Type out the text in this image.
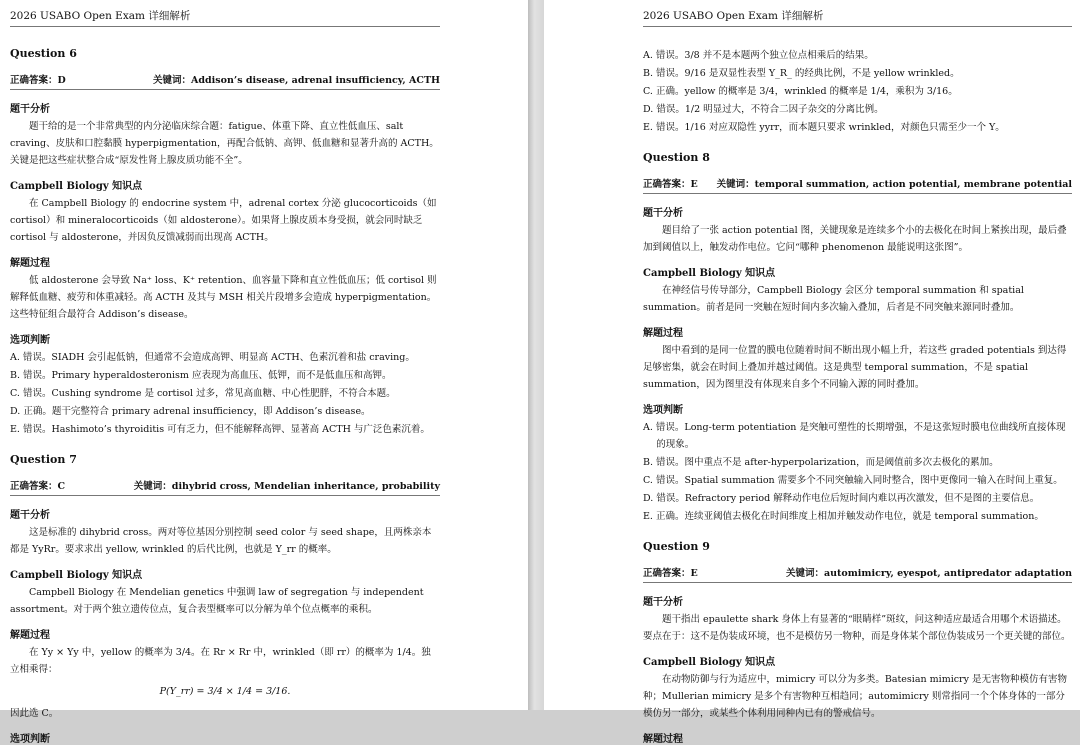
2026 USABO Open Exam 详细解析
Question 6
正确答案：D	关键词：Addison’s disease, adrenal insufficiency, ACTH
题干分析

题干给的是一个非常典型的内分泌临床综合题：fatigue、体重下降、直立性低血压、salt craving、皮肤和口腔黏膜 hyperpigmentation，再配合低钠、高钾、低血糖和显著升高的 ACTH。关键是把这些症状整合成“原发性肾上腺皮质功能不全”。

Campbell Biology 知识点

在 Campbell Biology 的 endocrine system 中，adrenal cortex 分泌 glucocorticoids（如 cortisol）和 mineralocorticoids（如 aldosterone）。如果肾上腺皮质本身受损，就会同时缺乏 cortisol 与 aldosterone，并因负反馈减弱而出现高 ACTH。

解题过程

低 aldosterone 会导致 Na⁺ loss、K⁺ retention、血容量下降和直立性低血压；低 cortisol 则解释低血糖、疲劳和体重减轻。高 ACTH 及其与 MSH 相关片段增多会造成 hyperpigmentation。这些特征组合最符合 Addison’s disease。

选项判断
A. 错误。SIADH 会引起低钠，但通常不会造成高钾、明显高 ACTH、色素沉着和盐 craving。
B. 错误。Primary hyperaldosteronism 应表现为高血压、低钾，而不是低血压和高钾。
C. 错误。Cushing syndrome 是 cortisol 过多，常见高血糖、中心性肥胖，不符合本题。
D. 正确。题干完整符合 primary adrenal insufficiency，即 Addison’s disease。
E. 错误。Hashimoto’s thyroiditis 可有乏力，但不能解释高钾、显著高 ACTH 与广泛色素沉着。
Question 7
正确答案：C	关键词：dihybrid cross, Mendelian inheritance, probability
题干分析

这是标准的 dihybrid cross。两对等位基因分别控制 seed color 与 seed shape，且两株亲本都是 YyRr。要求求出 yellow, wrinkled 的后代比例，也就是 Y_rr 的概率。

Campbell Biology 知识点

Campbell Biology 在 Mendelian genetics 中强调 law of segregation 与 independent assortment。对于两个独立遗传位点，复合表型概率可以分解为单个位点概率的乘积。

解题过程

在 Yy × Yy 中，yellow 的概率为 3/4。在 Rr × Rr 中，wrinkled（即 rr）的概率为 1/4。独立相乘得：

P(Y_rr) = 3/4 × 1/4 = 3/16.
因此选 C。
选项判断
2026 USABO Open Exam 详细解析
A. 错误。3/8 并不是本题两个独立位点相乘后的结果。
B. 错误。9/16 是双显性表型 Y_R_ 的经典比例，不是 yellow wrinkled。
C. 正确。yellow 的概率是 3/4，wrinkled 的概率是 1/4，乘积为 3/16。
D. 错误。1/2 明显过大，不符合二因子杂交的分离比例。
E. 错误。1/16 对应双隐性 yyrr，而本题只要求 wrinkled，对颜色只需至少一个 Y。
Question 8
正确答案：E 关键词：temporal summation, action potential, membrane potential
题干分析

题目给了一张 action potential 图，关键现象是连续多个小的去极化在时间上紧挨出现，最后叠加到阈值以上，触发动作电位。它问“哪种 phenomenon 最能说明这张图”。

Campbell Biology 知识点

在神经信号传导部分，Campbell Biology 会区分 temporal summation 和 spatial summation。前者是同一突触在短时间内多次输入叠加，后者是不同突触来源同时叠加。

解题过程

图中看到的是同一位置的膜电位随着时间不断出现小幅上升，若这些 graded potentials 到达得足够密集，就会在时间上叠加并越过阈值。这是典型 temporal summation，不是 spatial summation，因为图里没有体现来自多个不同输入源的同时叠加。

选项判断
A. 错误。Long-term potentiation 是突触可塑性的长期增强，不是这张短时膜电位曲线所直接体现的现象。
B. 错误。图中重点不是 after-hyperpolarization，而是阈值前多次去极化的累加。
C. 错误。Spatial summation 需要多个不同突触输入同时整合，图中更像同一输入在时间上重复。
D. 错误。Refractory period 解释动作电位后短时间内难以再次激发，但不是图的主要信息。
E. 正确。连续亚阈值去极化在时间维度上相加并触发动作电位，就是 temporal summation。
Question 9
正确答案：E	关键词：automimicry, eyespot, antipredator adaptation
题干分析

题干指出 epaulette shark 身体上有显著的“眼睛样”斑纹，问这种适应最适合用哪个术语描述。要点在于：这不是伪装成环境，也不是模仿另一物种，而是身体某个部位伪装成另一个更关键的部位。

Campbell Biology 知识点

在动物防御与行为适应中，mimicry 可以分为多类。Batesian mimicry 是无害物种模仿有害物种；Mullerian mimicry 是多个有害物种互相趋同；automimicry 则常指同一个个体身体的一部分模仿另一部分，或某些个体利用同种内已有的警戒信号。

解题过程
